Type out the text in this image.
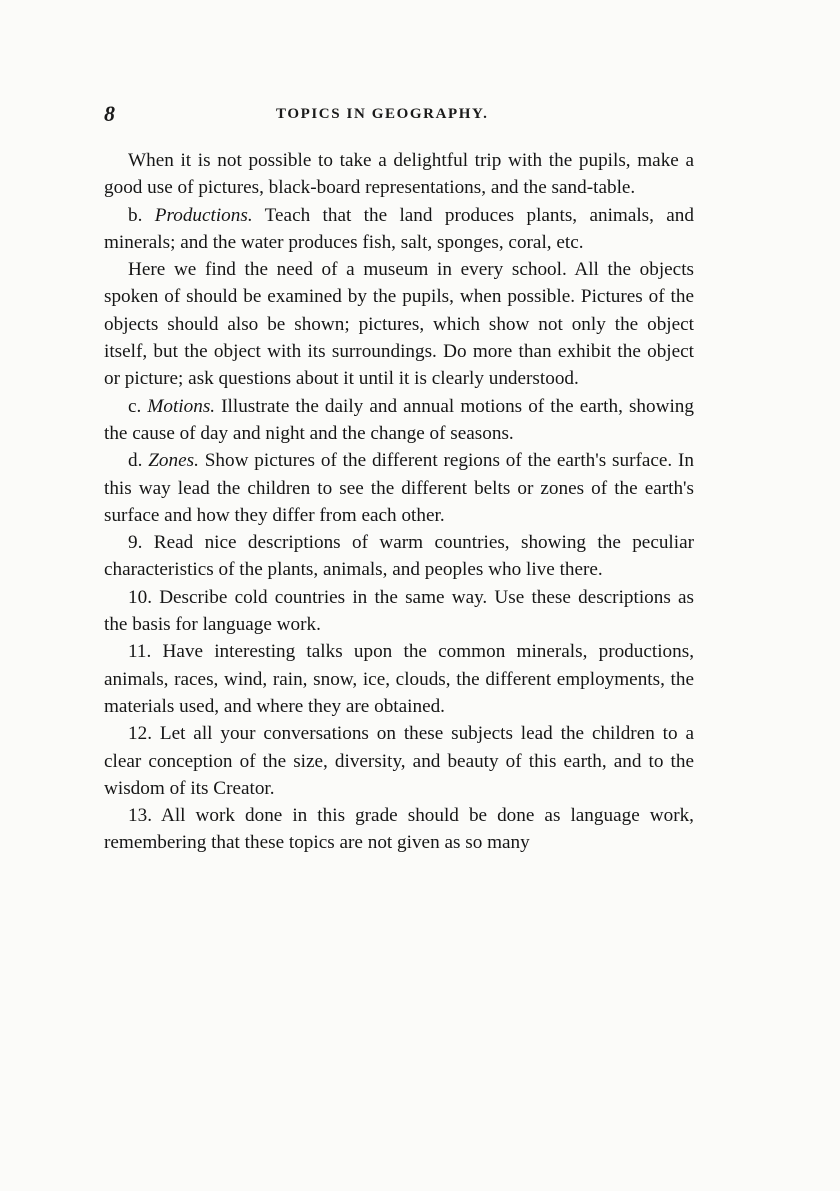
8	TOPICS IN GEOGRAPHY.

When it is not possible to take a delightful trip with the pupils, make a good use of pictures, black-board representations, and the sand-table.

b. Productions. Teach that the land produces plants, animals, and minerals; and the water produces fish, salt, sponges, coral, etc.

Here we find the need of a museum in every school. All the objects spoken of should be examined by the pupils, when possible. Pictures of the objects should also be shown; pictures, which show not only the object itself, but the object with its surroundings. Do more than exhibit the object or picture; ask questions about it until it is clearly understood.

c. Motions. Illustrate the daily and annual motions of the earth, showing the cause of day and night and the change of seasons.

d. Zones. Show pictures of the different regions of the earth's surface. In this way lead the children to see the different belts or zones of the earth's surface and how they differ from each other.

9. Read nice descriptions of warm countries, showing the peculiar characteristics of the plants, animals, and peoples who live there.

10. Describe cold countries in the same way. Use these descriptions as the basis for language work.

11. Have interesting talks upon the common minerals, productions, animals, races, wind, rain, snow, ice, clouds, the different employments, the materials used, and where they are obtained.

12. Let all your conversations on these subjects lead the children to a clear conception of the size, diversity, and beauty of this earth, and to the wisdom of its Creator.

13. All work done in this grade should be done as language work, remembering that these topics are not given as so many
